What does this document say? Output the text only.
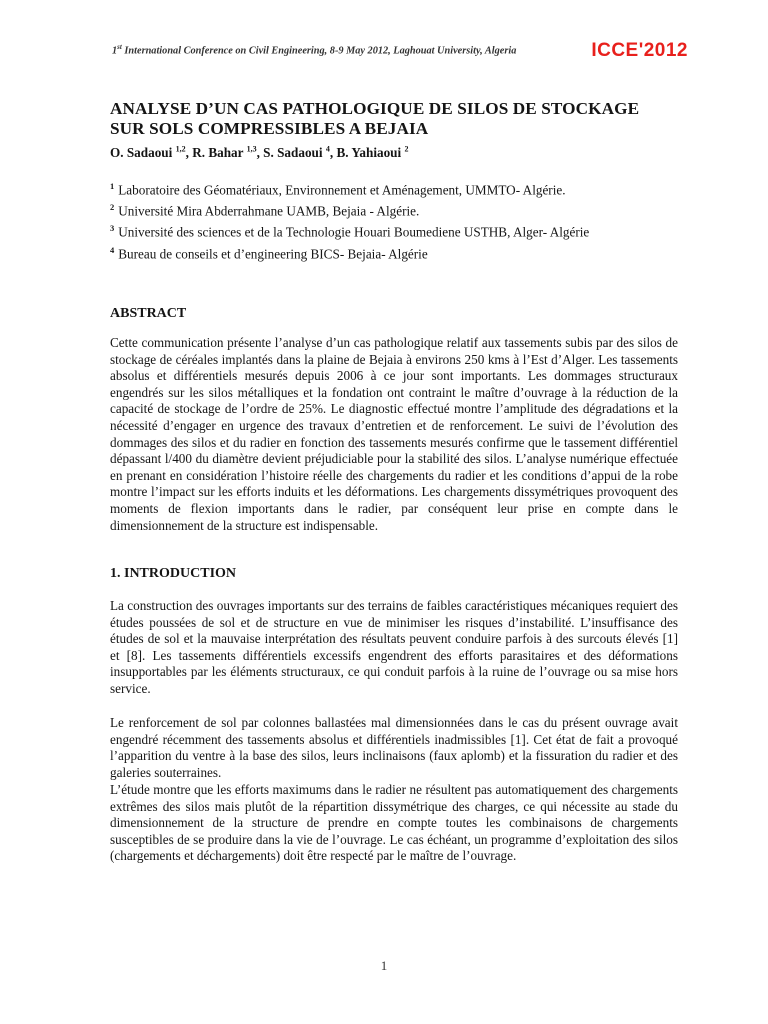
1st International Conference on Civil Engineering, 8-9 May 2012, Laghouat University, Algeria	ICCE'2012
ANALYSE D’UN CAS PATHOLOGIQUE DE SILOS DE STOCKAGE
SUR SOLS COMPRESSIBLES A BEJAIA
O. Sadaoui $^{1,2}$, R. Bahar $^{1,3}$, S. Sadaoui $^4$, B. Yahiaoui $^2$
$^1$ Laboratoire des Géomatériaux, Environnement et Aménagement, UMMTO- Algérie.
$^2$ Université Mira Abderrahmane UAMB, Bejaia - Algérie.
$^3$ Université des sciences et de la Technologie Houari Boumediene USTHB, Alger- Algérie
$^4$ Bureau de conseils et d’engineering BICS- Bejaia- Algérie
ABSTRACT
Cette communication présente l’analyse d’un cas pathologique relatif aux tassements subis par des silos de stockage de céréales implantés dans la plaine de Bejaia à environs 250 kms à l’Est d’Alger. Les tassements absolus et différentiels mesurés depuis 2006 à ce jour sont importants. Les dommages structuraux engendrés sur les silos métalliques et la fondation ont contraint le maître d’ouvrage à la réduction de la capacité de stockage de l’ordre de 25%. Le diagnostic effectué montre l’amplitude des dégradations et la nécessité d’engager en urgence des travaux d’entretien et de renforcement. Le suivi de l’évolution des dommages des silos et du radier en fonction des tassements mesurés confirme que le tassement différentiel dépassant l/400 du diamètre devient préjudiciable pour la stabilité des silos. L’analyse numérique effectuée en prenant en considération l’histoire réelle des chargements du radier et les conditions d’appui de la robe montre l’impact sur les efforts induits et les déformations. Les chargements dissymétriques provoquent des moments de flexion importants dans le radier, par conséquent leur prise en compte dans le dimensionnement de la structure est indispensable.
1. INTRODUCTION
La construction des ouvrages importants sur des terrains de faibles caractéristiques mécaniques requiert des études poussées de sol et de structure en vue de minimiser les risques d’instabilité. L’insuffisance des études de sol et la mauvaise interprétation des résultats peuvent conduire parfois à des surcouts élevés [1] et [8]. Les tassements différentiels excessifs engendrent des efforts parasitaires et des déformations insupportables par les éléments structuraux, ce qui conduit parfois à la ruine de l’ouvrage ou sa mise hors service.
Le renforcement de sol par colonnes ballastées mal dimensionnées dans le cas du présent ouvrage avait engendré récemment des tassements absolus et différentiels inadmissibles [1]. Cet état de fait a provoqué l’apparition du ventre à la base des silos, leurs inclinaisons (faux aplomb) et la fissuration du radier et des galeries souterraines.
L’étude montre que les efforts maximums dans le radier ne résultent pas automatiquement des chargements extrêmes des silos mais plutôt de la répartition dissymétrique des charges, ce qui nécessite au stade du dimensionnement de la structure de prendre en compte toutes les combinaisons de chargements susceptibles de se produire dans la vie de l’ouvrage. Le cas échéant, un programme d’exploitation des silos (chargements et déchargements) doit être respecté par le maître de l’ouvrage.
1
